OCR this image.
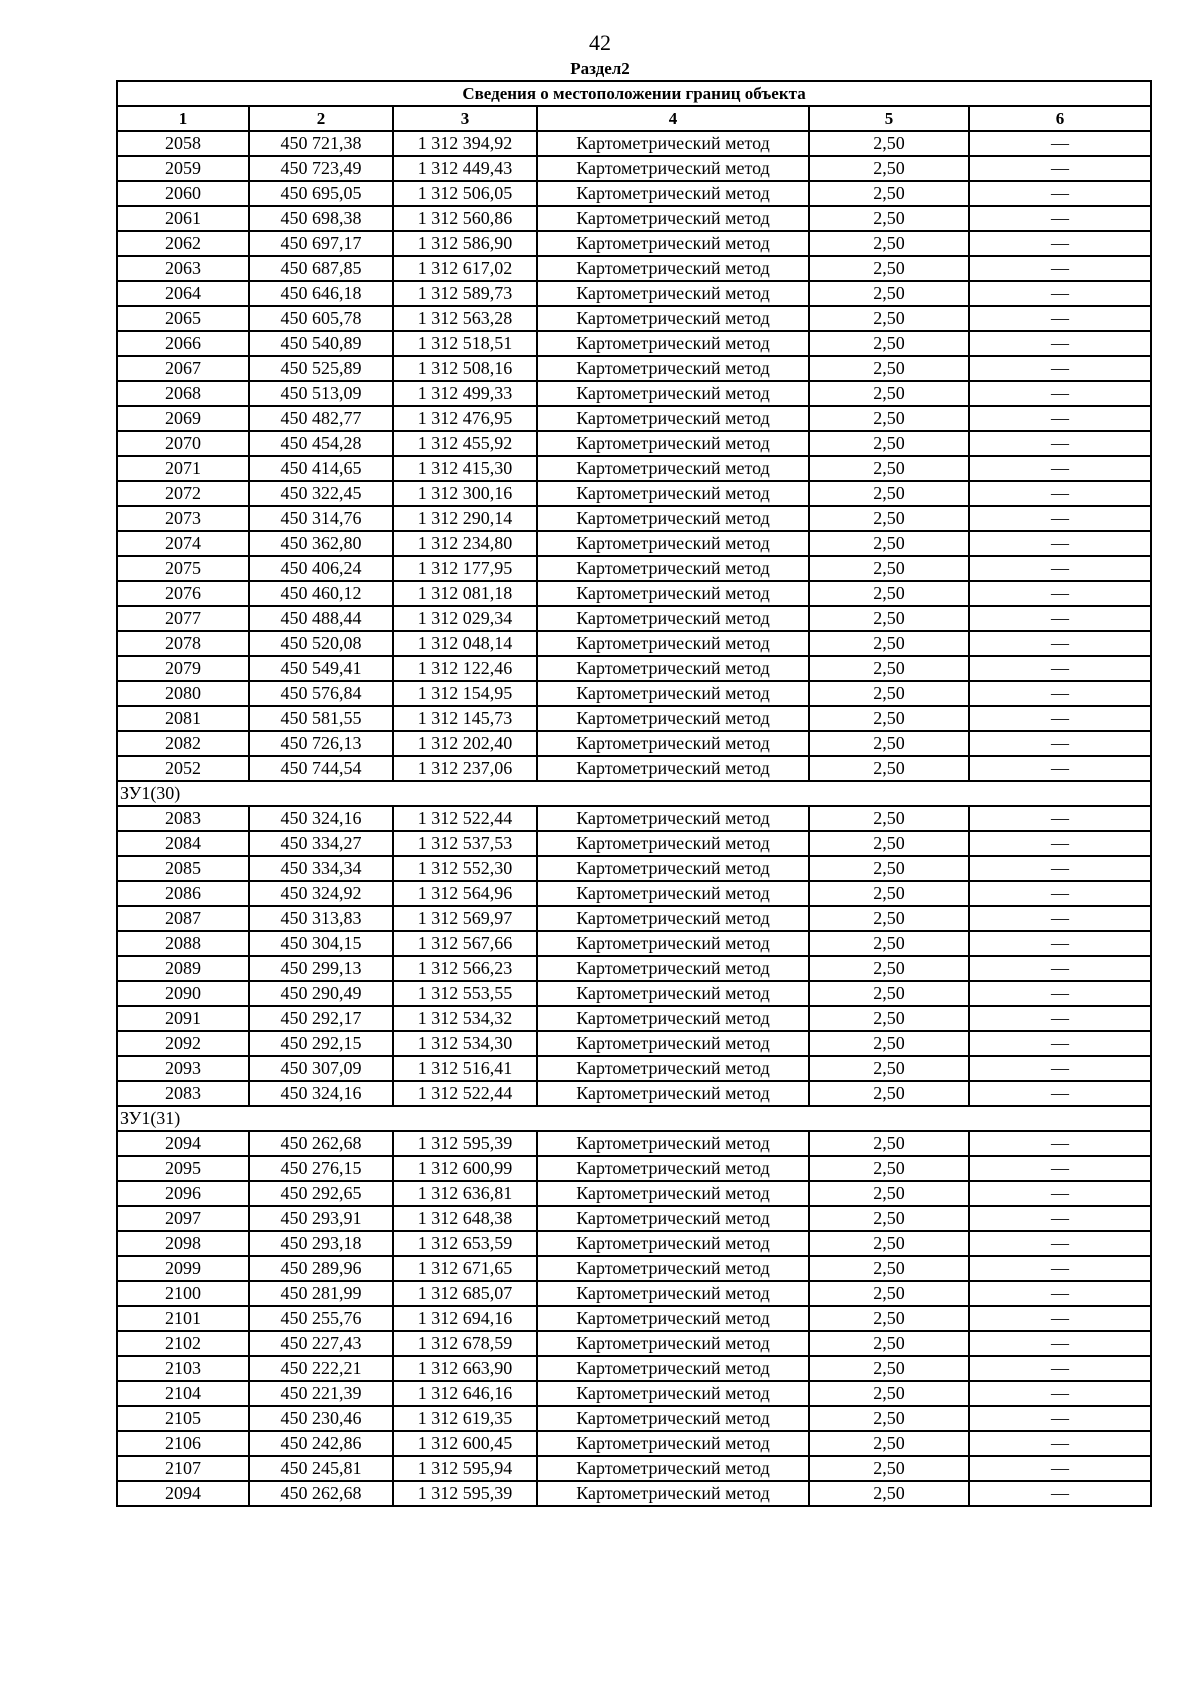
42
Раздел2
Сведения о местоположении границ объекта					
1	2	3	4	5	6
2058	450 721,38	1 312 394,92	Картометрический метод	2,50	—
2059	450 723,49	1 312 449,43	Картометрический метод	2,50	—
2060	450 695,05	1 312 506,05	Картометрический метод	2,50	—
2061	450 698,38	1 312 560,86	Картометрический метод	2,50	—
2062	450 697,17	1 312 586,90	Картометрический метод	2,50	—
2063	450 687,85	1 312 617,02	Картометрический метод	2,50	—
2064	450 646,18	1 312 589,73	Картометрический метод	2,50	—
2065	450 605,78	1 312 563,28	Картометрический метод	2,50	—
2066	450 540,89	1 312 518,51	Картометрический метод	2,50	—
2067	450 525,89	1 312 508,16	Картометрический метод	2,50	—
2068	450 513,09	1 312 499,33	Картометрический метод	2,50	—
2069	450 482,77	1 312 476,95	Картометрический метод	2,50	—
2070	450 454,28	1 312 455,92	Картометрический метод	2,50	—
2071	450 414,65	1 312 415,30	Картометрический метод	2,50	—
2072	450 322,45	1 312 300,16	Картометрический метод	2,50	—
2073	450 314,76	1 312 290,14	Картометрический метод	2,50	—
2074	450 362,80	1 312 234,80	Картометрический метод	2,50	—
2075	450 406,24	1 312 177,95	Картометрический метод	2,50	—
2076	450 460,12	1 312 081,18	Картометрический метод	2,50	—
2077	450 488,44	1 312 029,34	Картометрический метод	2,50	—
2078	450 520,08	1 312 048,14	Картометрический метод	2,50	—
2079	450 549,41	1 312 122,46	Картометрический метод	2,50	—
2080	450 576,84	1 312 154,95	Картометрический метод	2,50	—
2081	450 581,55	1 312 145,73	Картометрический метод	2,50	—
2082	450 726,13	1 312 202,40	Картометрический метод	2,50	—
2052	450 744,54	1 312 237,06	Картометрический метод	2,50	—
ЗУ1(30)					
2083	450 324,16	1 312 522,44	Картометрический метод	2,50	—
2084	450 334,27	1 312 537,53	Картометрический метод	2,50	—
2085	450 334,34	1 312 552,30	Картометрический метод	2,50	—
2086	450 324,92	1 312 564,96	Картометрический метод	2,50	—
2087	450 313,83	1 312 569,97	Картометрический метод	2,50	—
2088	450 304,15	1 312 567,66	Картометрический метод	2,50	—
2089	450 299,13	1 312 566,23	Картометрический метод	2,50	—
2090	450 290,49	1 312 553,55	Картометрический метод	2,50	—
2091	450 292,17	1 312 534,32	Картометрический метод	2,50	—
2092	450 292,15	1 312 534,30	Картометрический метод	2,50	—
2093	450 307,09	1 312 516,41	Картометрический метод	2,50	—
2083	450 324,16	1 312 522,44	Картометрический метод	2,50	—
ЗУ1(31)					
2094	450 262,68	1 312 595,39	Картометрический метод	2,50	—
2095	450 276,15	1 312 600,99	Картометрический метод	2,50	—
2096	450 292,65	1 312 636,81	Картометрический метод	2,50	—
2097	450 293,91	1 312 648,38	Картометрический метод	2,50	—
2098	450 293,18	1 312 653,59	Картометрический метод	2,50	—
2099	450 289,96	1 312 671,65	Картометрический метод	2,50	—
2100	450 281,99	1 312 685,07	Картометрический метод	2,50	—
2101	450 255,76	1 312 694,16	Картометрический метод	2,50	—
2102	450 227,43	1 312 678,59	Картометрический метод	2,50	—
2103	450 222,21	1 312 663,90	Картометрический метод	2,50	—
2104	450 221,39	1 312 646,16	Картометрический метод	2,50	—
2105	450 230,46	1 312 619,35	Картометрический метод	2,50	—
2106	450 242,86	1 312 600,45	Картометрический метод	2,50	—
2107	450 245,81	1 312 595,94	Картометрический метод	2,50	—
2094	450 262,68	1 312 595,39	Картометрический метод	2,50	—
